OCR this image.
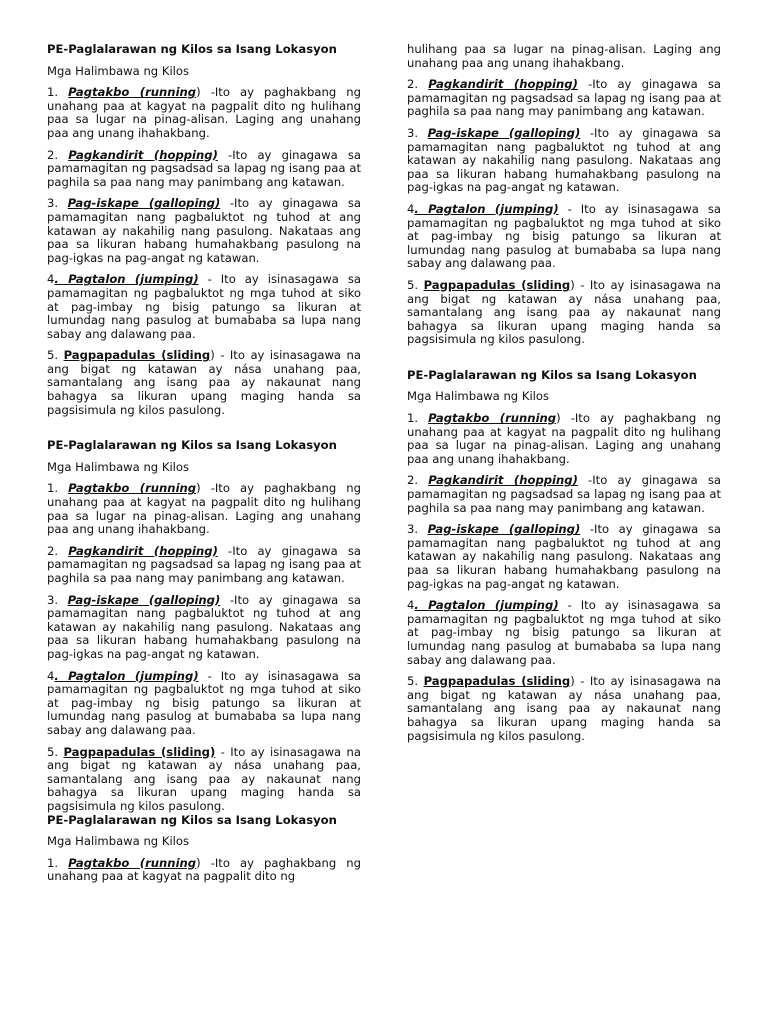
PE-Paglalarawan ng Kilos sa Isang Lokasyon

Mga Halimbawa ng Kilos

1. Pagtakbo (running) -Ito ay paghakbang ng unahang paa at kagyat na pagpalit dito ng hulihang paa sa lugar na pinag-alisan. Laging ang unahang paa ang unang ihahakbang.

2. Pagkandirit (hopping) -Ito ay ginagawa sa pamamagitan ng pagsadsad sa lapag ng isang paa at paghila sa paa nang may panimbang ang katawan.

3. Pag-iskape (galloping) -Ito ay ginagawa sa pamamagitan nang pagbaluktot ng tuhod at ang katawan ay nakahilig nang pasulong. Nakataas ang paa sa likuran habang humahakbang pasulong na pag-igkas na pag-angat ng katawan.

4. Pagtalon (jumping) - Ito ay isinasagawa sa pamamagitan ng pagbaluktot ng mga tuhod at siko at pag-imbay ng bisig patungo sa likuran at lumundag nang pasulog at bumababa sa lupa nang sabay ang dalawang paa.

5. Pagpapadulas (sliding) - Ito ay isinasagawa na ang bigat ng katawan ay násа unahang paa, samantalang ang isang paa ay nakaunat nang bahagya sa likuran upang maging handa sa pagsisimula ng kilos pasulong.

PE-Paglalarawan ng Kilos sa Isang Lokasyon

Mga Halimbawa ng Kilos

1. Pagtakbo (running) -Ito ay paghakbang ng unahang paa at kagyat na pagpalit dito ng hulihang paa sa lugar na pinag-alisan. Laging ang unahang paa ang unang ihahakbang.

2. Pagkandirit (hopping) -Ito ay ginagawa sa pamamagitan ng pagsadsad sa lapag ng isang paa at paghila sa paa nang may panimbang ang katawan.

3. Pag-iskape (galloping) -Ito ay ginagawa sa pamamagitan nang pagbaluktot ng tuhod at ang katawan ay nakahilig nang pasulong. Nakataas ang paa sa likuran habang humahakbang pasulong na pag-igkas na pag-angat ng katawan.

4. Pagtalon (jumping) - Ito ay isinasagawa sa pamamagitan ng pagbaluktot ng mga tuhod at siko at pag-imbay ng bisig patungo sa likuran at lumundag nang pasulog at bumababa sa lupa nang sabay ang dalawang paa.

5. Pagpapadulas (sliding) - Ito ay isinasagawa na ang bigat ng katawan ay násа unahang paa, samantalang ang isang paa ay nakaunat nang bahagya sa likuran upang maging handa sa pagsisimula ng kilos pasulong.

PE-Paglalarawan ng Kilos sa Isang Lokasyon

Mga Halimbawa ng Kilos

1. Pagtakbo (running) -Ito ay paghakbang ng unahang paa at kagyat na pagpalit dito ng

hulihang paa sa lugar na pinag-alisan. Laging ang unahang paa ang unang ihahakbang.

2. Pagkandirit (hopping) -Ito ay ginagawa sa pamamagitan ng pagsadsad sa lapag ng isang paa at paghila sa paa nang may panimbang ang katawan.

3. Pag-iskape (galloping) -Ito ay ginagawa sa pamamagitan nang pagbaluktot ng tuhod at ang katawan ay nakahilig nang pasulong. Nakataas ang paa sa likuran habang humahakbang pasulong na pag-igkas na pag-angat ng katawan.

4. Pagtalon (jumping) - Ito ay isinasagawa sa pamamagitan ng pagbaluktot ng mga tuhod at siko at pag-imbay ng bisig patungo sa likuran at lumundag nang pasulog at bumababa sa lupa nang sabay ang dalawang paa.

5. Pagpapadulas (sliding) - Ito ay isinasagawa na ang bigat ng katawan ay násа unahang paa, samantalang ang isang paa ay nakaunat nang bahagya sa likuran upang maging handa sa pagsisimula ng kilos pasulong.

PE-Paglalarawan ng Kilos sa Isang Lokasyon

Mga Halimbawa ng Kilos

1. Pagtakbo (running) -Ito ay paghakbang ng unahang paa at kagyat na pagpalit dito ng hulihang paa sa lugar na pinag-alisan. Laging ang unahang paa ang unang ihahakbang.

2. Pagkandirit (hopping) -Ito ay ginagawa sa pamamagitan ng pagsadsad sa lapag ng isang paa at paghila sa paa nang may panimbang ang katawan.

3. Pag-iskape (galloping) -Ito ay ginagawa sa pamamagitan nang pagbaluktot ng tuhod at ang katawan ay nakahilig nang pasulong. Nakataas ang paa sa likuran habang humahakbang pasulong na pag-igkas na pag-angat ng katawan.

4. Pagtalon (jumping) - Ito ay isinasagawa sa pamamagitan ng pagbaluktot ng mga tuhod at siko at pag-imbay ng bisig patungo sa likuran at lumundag nang pasulog at bumababa sa lupa nang sabay ang dalawang paa.

5. Pagpapadulas (sliding) - Ito ay isinasagawa na ang bigat ng katawan ay násа unahang paa, samantalang ang isang paa ay nakaunat nang bahagya sa likuran upang maging handa sa pagsisimula ng kilos pasulong.
